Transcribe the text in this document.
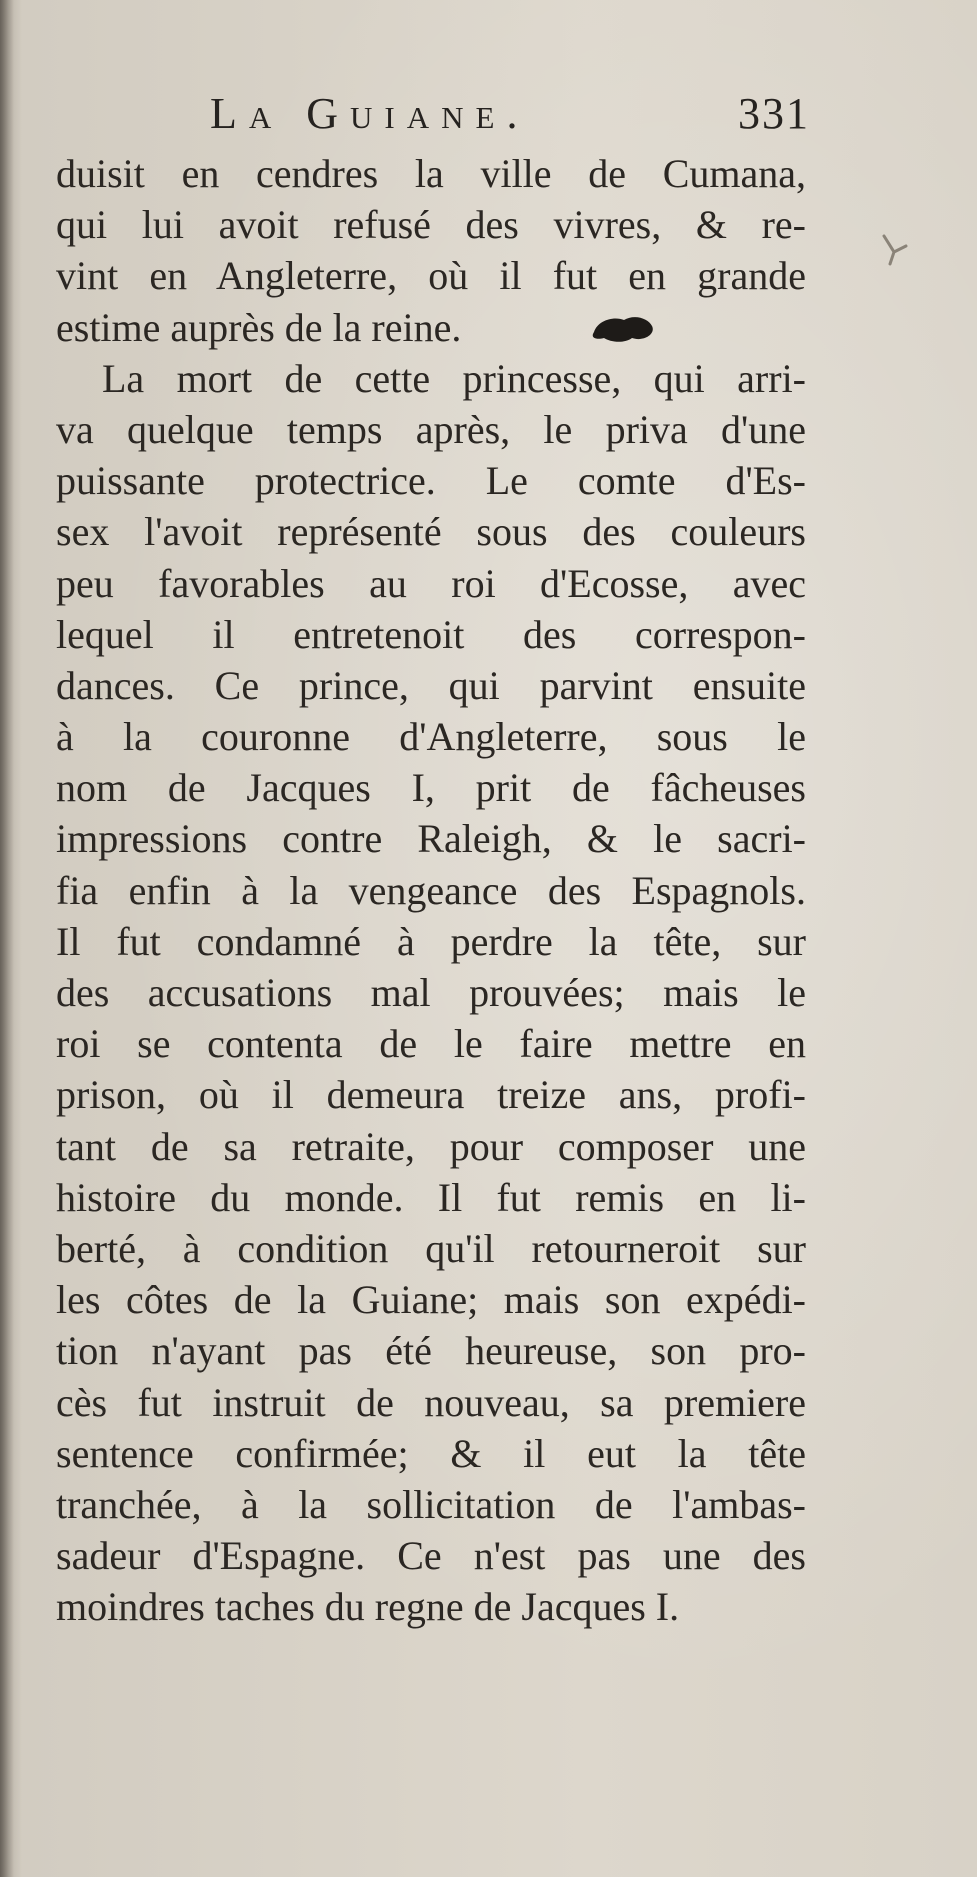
La Guiane.	331
duisit en cendres la ville de Cumana,
qui lui avoit refusé des vivres, & re-
vint en Angleterre, où il fut en grande
estime auprès de la reine.
La mort de cette princesse, qui arri-
va quelque temps après, le priva d'une
puissante protectrice. Le comte d'Es-
sex l'avoit représenté sous des couleurs
peu favorables au roi d'Ecosse, avec
lequel il entretenoit des correspon-
dances. Ce prince, qui parvint ensuite
à la couronne d'Angleterre, sous le
nom de Jacques I, prit de fâcheuses
impressions contre Raleigh, & le sacri-
fia enfin à la vengeance des Espagnols.
Il fut condamné à perdre la tête, sur
des accusations mal prouvées; mais le
roi se contenta de le faire mettre en
prison, où il demeura treize ans, profi-
tant de sa retraite, pour composer une
histoire du monde. Il fut remis en li-
berté, à condition qu'il retourneroit sur
les côtes de la Guiane; mais son expédi-
tion n'ayant pas été heureuse, son pro-
cès fut instruit de nouveau, sa premiere
sentence confirmée; & il eut la tête
tranchée, à la sollicitation de l'ambas-
sadeur d'Espagne. Ce n'est pas une des
moindres taches du regne de Jacques I.
